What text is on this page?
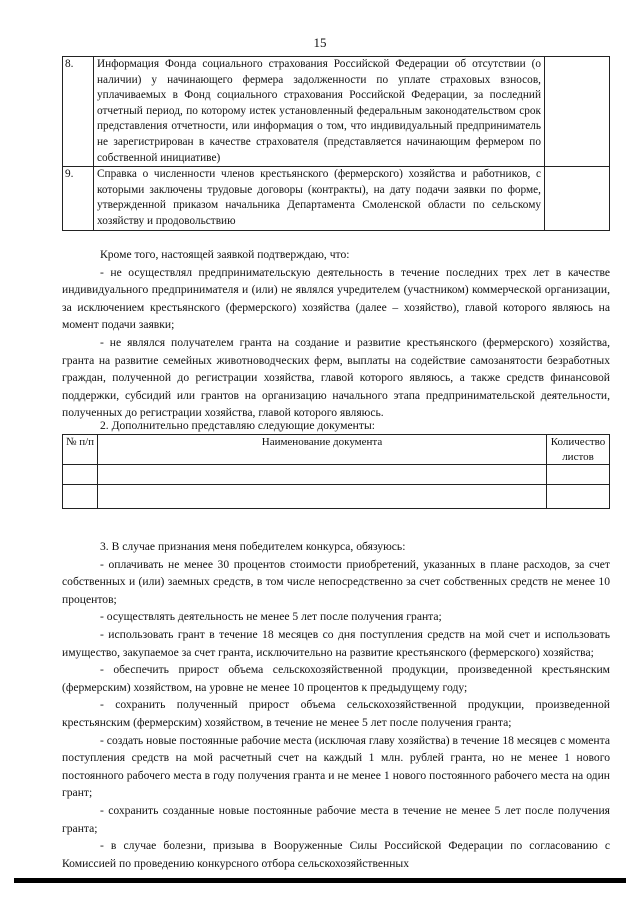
15
8.	Информация Фонда социального страхования Российской Федерации об отсутствии (о наличии) у начинающего фермера задолженности по уплате страховых взносов, уплачиваемых в Фонд социального страхования Российской Федерации, за последний отчетный период, по которому истек установленный федеральным законодательством срок представления отчетности, или информация о том, что индивидуальный предприниматель не зарегистрирован в качестве страхователя (представляется начинающим фермером по собственной инициативе)	
9.	Справка о численности членов крестьянского (фермерского) хозяйства и работников, с которыми заключены трудовые договоры (контракты), на дату подачи заявки по форме, утвержденной приказом начальника Департамента Смоленской области по сельскому хозяйству и продовольствию	

Кроме того, настоящей заявкой подтверждаю, что:

- не осуществлял предпринимательскую деятельность в течение последних трех лет в качестве индивидуального предпринимателя и (или) не являлся учредителем (участником) коммерческой организации, за исключением крестьянского (фермерского) хозяйства (далее – хозяйство), главой которого являюсь на момент подачи заявки;

- не являлся получателем гранта на создание и развитие крестьянского (фермерского) хозяйства, гранта на развитие семейных животноводческих ферм, выплаты на содействие самозанятости безработных граждан, полученной до регистрации хозяйства, главой которого являюсь, а также средств финансовой поддержки, субсидий или грантов на организацию начального этапа предпринимательской деятельности, полученных до регистрации хозяйства, главой которого являюсь.

2. Дополнительно представляю следующие документы:

№ п/п	Наименование документа	Количество листов

3. В случае признания меня победителем конкурса, обязуюсь:

- оплачивать не менее 30 процентов стоимости приобретений, указанных в плане расходов, за счет собственных и (или) заемных средств, в том числе непосредственно за счет собственных средств не менее 10 процентов;

- осуществлять деятельность не менее 5 лет после получения гранта;

- использовать грант в течение 18 месяцев со дня поступления средств на мой счет и использовать имущество, закупаемое за счет гранта, исключительно на развитие крестьянского (фермерского) хозяйства;

- обеспечить прирост объема сельскохозяйственной продукции, произведенной крестьянским (фермерским) хозяйством, на уровне не менее 10 процентов к предыдущему году;

- сохранить полученный прирост объема сельскохозяйственной продукции, произведенной крестьянским (фермерским) хозяйством, в течение не менее 5 лет после получения гранта;

- создать новые постоянные рабочие места (исключая главу хозяйства) в течение 18 месяцев с момента поступления средств на мой расчетный счет на каждый 1 млн. рублей гранта, но не менее 1 нового постоянного рабочего места в году получения гранта и не менее 1 нового постоянного рабочего места на один грант;

- сохранить созданные новые постоянные рабочие места в течение не менее 5 лет после получения гранта;

- в случае болезни, призыва в Вооруженные Силы Российской Федерации по согласованию с Комиссией по проведению конкурсного отбора сельскохозяйственных
